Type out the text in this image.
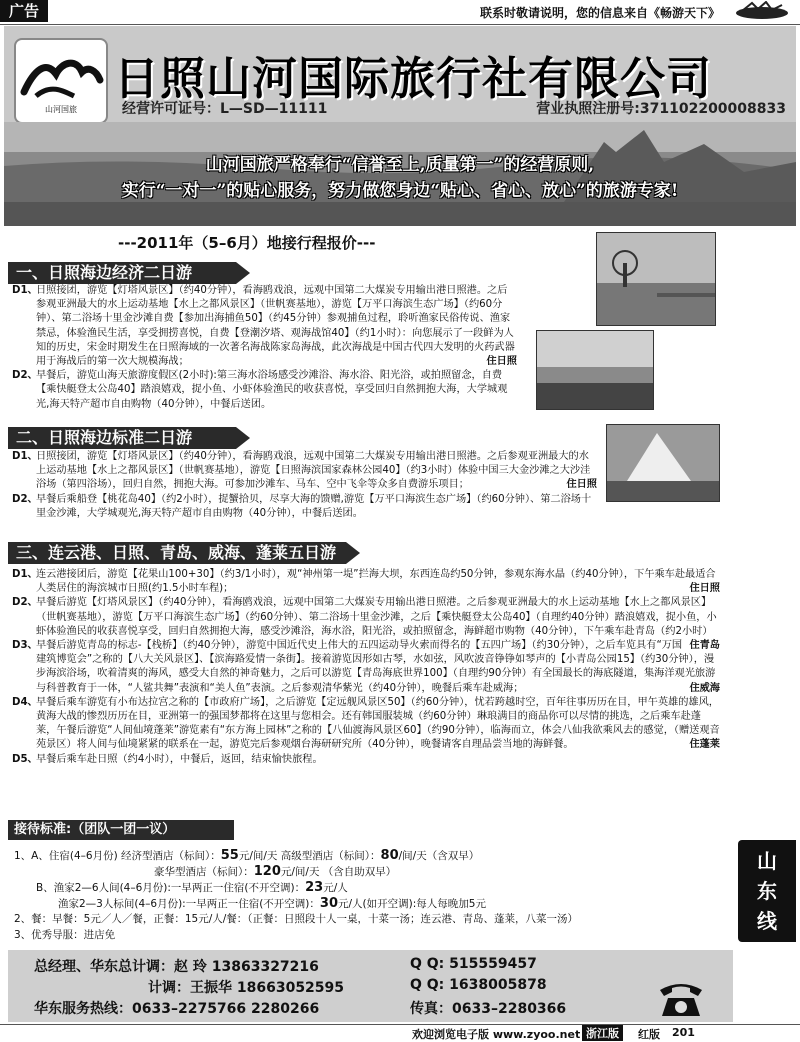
广告	联系时敬请说明，您的信息来自《畅游天下》
山河国旅
日照山河国际旅行社有限公司
经营许可证号：L—SD—11111	营业执照注册号:371102200008833
山河国旅严格奉行“信誉至上,质量第一”的经营原则,
实行“一对一”的贴心服务，努力做您身边“贴心、省心、放心”的旅游专家!
---2011年（5–6月）地接行程报价---
一、日照海边经济二日游
D1、
日照接团，游览【灯塔风景区】（约40分钟），看海鸥戏浪，远观中国第二大煤炭专用输出港日照港。之后参观亚洲最大的水上运动基地【水上之都风景区】（世帆赛基地），游览【万平口海滨生态广场】（约60分钟）、第二浴场十里金沙滩自费【参加出海捕鱼50】（约45分钟）参观捕鱼过程，聆听渔家民俗传说、渔家禁忌，体验渔民生活，享受拥捞喜悦，自费【登潮汐塔、观海战馆40】（约1小时）：向您展示了一段鲜为人知的历史，宋金时期发生在日照海域的一次著名海战陈家岛海战，此次海战是中国古代四大发明的火药武器用于海战后的第一次大规模海战；	住日照
D2、
早餐后，游览山海天旅游度假区(2小时):第三海水浴场感受沙滩浴、海水浴、阳光浴，或拍照留念，自费【乘快艇登太公岛40】踏浪嬉戏，捉小鱼、小虾体验渔民的收获喜悦，享受回归自然拥抱大海，大学城观光,海天特产超市自由购物（40分钟），中餐后送团。
二、日照海边标准二日游
D1、
日照接团，游览【灯塔风景区】（约40分钟），看海鸥戏浪，远观中国第二大煤炭专用输出港日照港。之后参观亚洲最大的水上运动基地【水上之都风景区】（世帆赛基地），游览【日照海滨国家森林公园40】（约3小时）体验中国三大金沙滩之大沙洼浴场（第四浴场），回归自然，拥抱大海。可参加沙滩车、马车、空中飞伞等众多自费游乐项目；	住日照
D2、
早餐后乘船登【桃花岛40】（约2小时），捉蟹拾贝，尽享大海的馈赠,游览【万平口海滨生态广场】（约60分钟）、第二浴场十里金沙滩，大学城观光,海天特产超市自由购物（40分钟），中餐后送团。
三、连云港、日照、青岛、威海、蓬莱五日游
D1、
连云港接团后，游览【花果山100+30】（约3/1小时），观“神州第一堤”拦海大坝，东西连岛约50分钟，参观东海水晶（约40分钟），下午乘车赴最适合人类居住的海滨城市日照(约1.5小时车程)；	住日照
D2、
早餐后游览【灯塔风景区】（约40分钟），看海鸥戏浪，远观中国第二大煤炭专用输出港日照港。之后参观亚洲最大的水上运动基地【水上之都风景区】（世帆赛基地），游览【万平口海滨生态广场】（约60分钟）、第二浴场十里金沙滩，之后【乘快艇登太公岛40】（自理约40分钟）踏浪嬉戏，捉小鱼，小虾体验渔民的收获喜悦享受，回归自然拥抱大海，感受沙滩浴，海水浴，阳光浴，或拍照留念，海鲜超市购物（40分钟），下午乘车赴青岛（约2小时）
住青岛
D3、
早餐后游览青岛的标志-【栈桥】（约40分钟），游览中国近代史上伟大的五四运动导火索而得名的【五四广场】（约30分钟），之后车览具有“万国建筑博览会”之称的【八大关风景区】、【滨海路爱情一条街】。接着游览因形如古琴，水如弦，风吹波音铮铮如琴声的【小青岛公园15】（约30分钟），漫步海滨浴场，吹着清爽的海风，感受大自然的神奇魅力，之后可以游览【青岛海底世界100】（自理约90分钟）有全国最长的海底隧道，集海洋观光旅游与科普教育于一体，“人鲨共舞”表演和“美人鱼”表演。之后参观清华紫光（约40分钟），晚餐后乘车赴威海；	住威海
D4、
早餐后乘车游览有小布达拉宫之称的【市政府广场】，之后游览【定远舰风景区50】（约60分钟），忧若跨越时空，百年往事历历在目，甲午英雄的雄风，黄海大战的惨烈历历在目，亚洲第一的强国梦都将在这里与您相会。还有韩国服装城（约60分钟）琳琅满目的商品你可以尽情的挑选，之后乘车赴蓬莱，午餐后游览“人间仙境蓬莱”游览素有“东方海上园林”之称的【八仙渡海风景区60】（约90分钟），临海而立，体会八仙我欲乘风去的感觉，（赠送观音苑景区）将人间与仙境紧紧的联系在一起，游览完后参观烟台海研研究所（40分钟），晚餐请客自理品尝当地的海鲜餐。	住蓬莱
D5、
早餐后乘车赴日照（约4小时），中餐后，返回，结束愉快旅程。
接待标准:（团队一团一议）
1、A、住宿(4–6月份) 经济型酒店（标间）：55元/间/天 高级型酒店（标间）：80/间/天（含双早）
豪华型酒店（标间）：120元/间/天 （含自助双早）
B、渔家2—6人间(4–6月份):一早两正一住宿(不开空调)：23元/人
渔家2—3人标间(4–6月份):一早两正一住宿(不开空调)：30元/人(如开空调):每人每晚加5元
2、餐：早餐：5元／人／餐，正餐：15元/人/餐：（正餐：日照段十人一桌，十菜一汤；连云港、青岛、蓬莱，八菜一汤）
3、优秀导服：进店免
山
东
线
总经理、华东总计调：赵 玲 13863327216	Q Q: 515559457
计调：王振华 18663052595	Q Q: 1638005878
华东服务热线：0633–2275766 2280266	传真：0633–2280366
欢迎浏览电子版 www.zyoo.net 浙江版	红版 201
